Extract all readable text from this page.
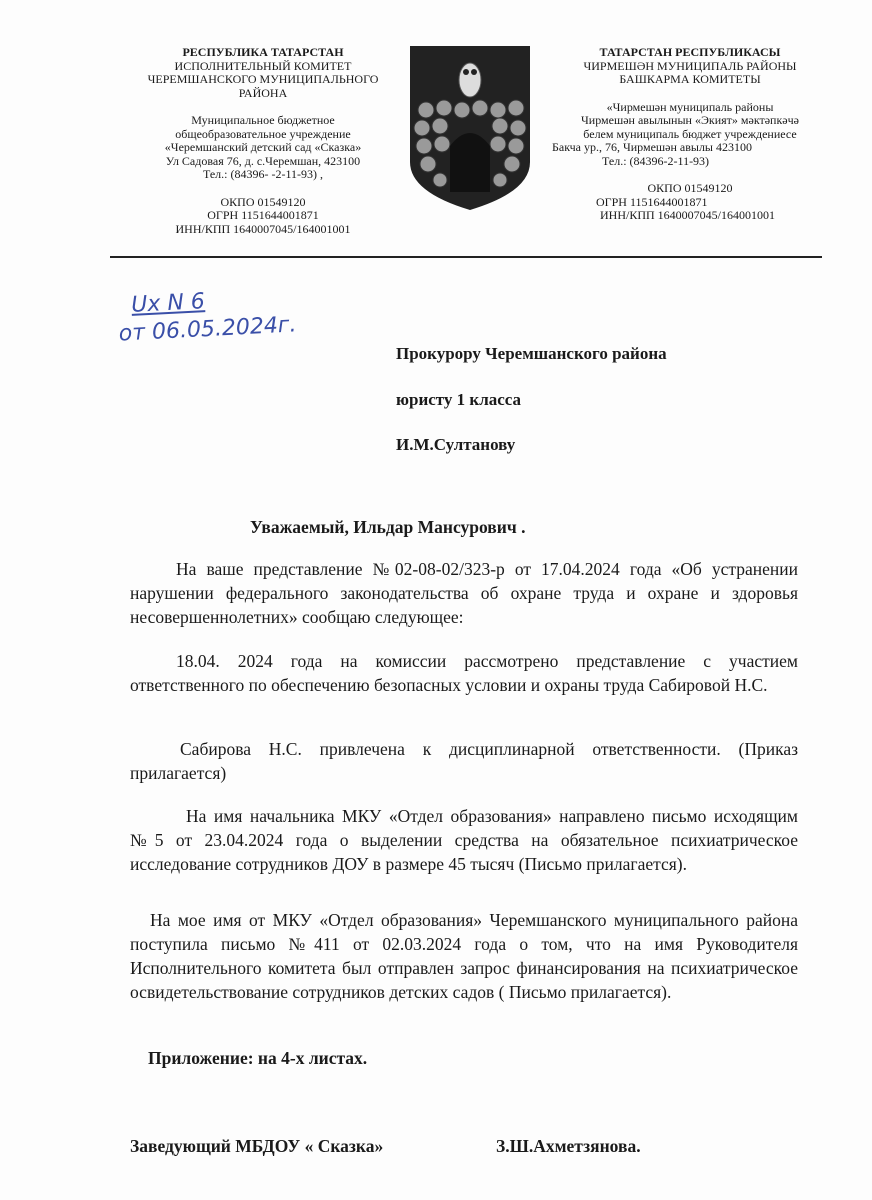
РЕСПУБЛИКА ТАТАРСТАН
ИСПОЛНИТЕЛЬНЫЙ КОМИТЕТ
ЧЕРЕМШАНСКОГО МУНИЦИПАЛЬНОГО
РАЙОНА
Муниципальное бюджетное
общеобразовательное учреждение
«Черемшанский детский сад «Сказка»
Ул Садовая 76, д. с.Черемшан, 423100
Тел.: (84396- -2-11-93) ,
ОКПО 01549120
ОГРН 1151644001871
ИНН/КПП 1640007045/164001001
ТАТАРСТАН РЕСПУБЛИКАСЫ
ЧИРМЕШӘН МУНИЦИПАЛЬ РАЙОНЫ
БАШКАРМА КОМИТЕТЫ
«Чирмешән муниципаль районы
Чирмешән авылынын «Экият» мәктәпкәчә
белем муниципаль бюджет учреждениесе
Бакча ур., 76, Чирмешән авылы 423100
Тел.: (84396-2-11-93)
ОКПО 01549120
ОГРН 1151644001871
ИНН/КПП 1640007045/164001001
Ux N 6
от 06.05.2024г.
Прокурору Черемшанского района
юристу 1 класса
И.М.Султанову
Уважаемый, Ильдар Мансурович .
На ваше представление №02-08-02/323-р от 17.04.2024 года «Об устранении нарушении федерального законодательства об охране труда и охране и здоровья несовершеннолетних» сообщаю следующее:
18.04. 2024 года на комиссии рассмотрено представление с участием ответственного по обеспечению безопасных условии и охраны труда Сабировой Н.С.
Сабирова Н.С. привлечена к дисциплинарной ответственности. (Приказ прилагается)
На имя начальника МКУ «Отдел образования» направлено письмо исходящим №5 от 23.04.2024 года о выделении средства на обязательное психиатрическое исследование сотрудников ДОУ в размере 45 тысяч (Письмо прилагается).
На мое имя от МКУ «Отдел образования» Черемшанского муниципального района поступила письмо №411 от 02.03.2024 года о том, что на имя Руководителя Исполнительного комитета был отправлен запрос финансирования на психиатрическое освидетельствование сотрудников детских садов ( Письмо прилагается).
Приложение: на 4-х листах.
Заведующий МБДОУ « Сказка»	З.Ш.Ахметзянова.
